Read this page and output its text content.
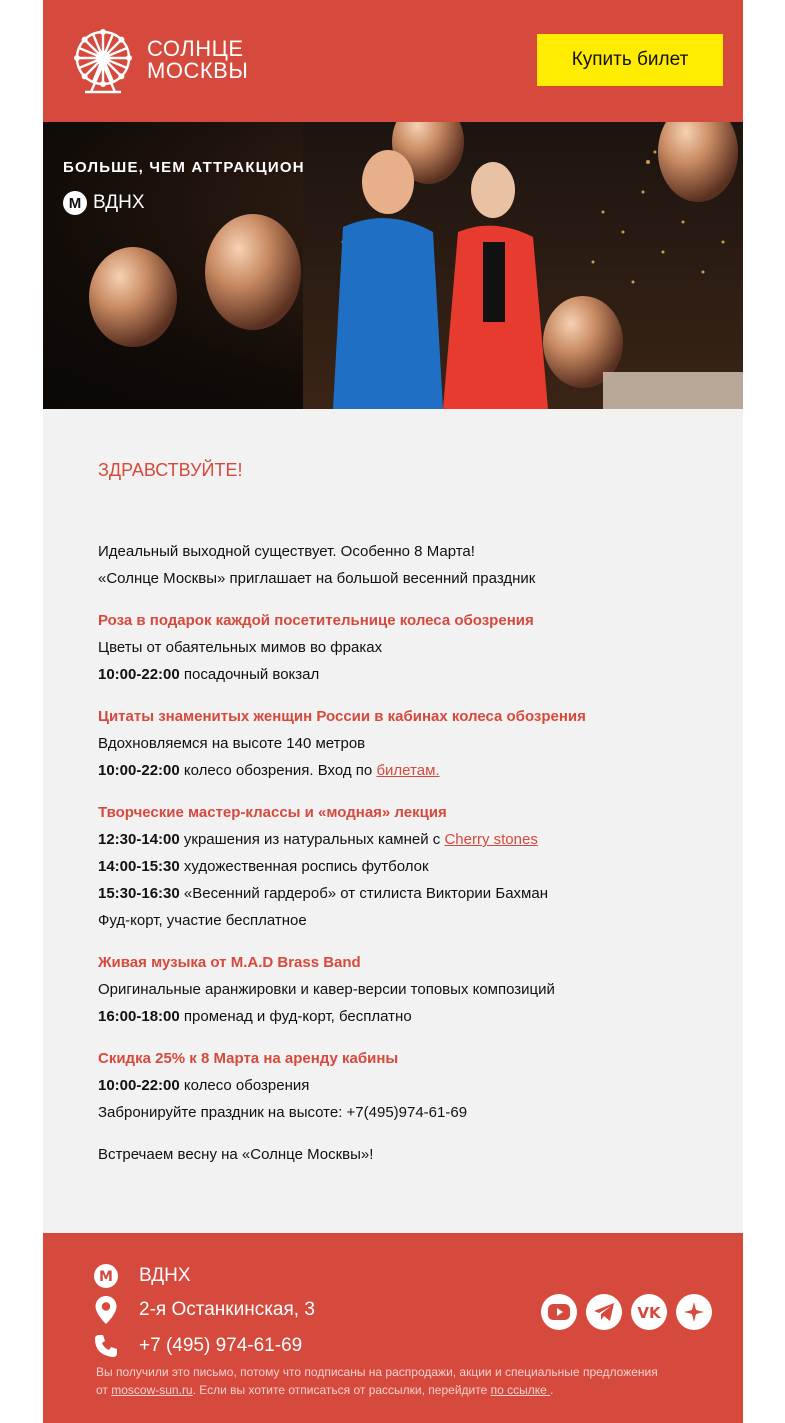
СОЛНЦЕ
МОСКВЫ	Купить билет
БОЛЬШЕ, ЧЕМ АТТРАКЦИОН
М ВДНХ
ЗДРАВСТВУЙТЕ!
Идеальный выходной существует. Особенно 8 Марта!
«Солнце Москвы» приглашает на большой весенний праздник
Роза в подарок каждой посетительнице колеса обозрения
Цветы от обаятельных мимов во фраках
10:00-22:00 посадочный вокзал
Цитаты знаменитых женщин России в кабинах колеса обозрения
Вдохновляемся на высоте 140 метров
10:00-22:00 колесо обозрения. Вход по билетам.
Творческие мастер-классы и «модная» лекция
12:30-14:00 украшения из натуральных камней с Cherry stones
14:00-15:30 художественная роспись футболок
15:30-16:30 «Весенний гардероб» от стилиста Виктории Бахман
Фуд-корт, участие бесплатное
Живая музыка от M.A.D Brass Band
Оригинальные аранжировки и кавер-версии топовых композиций
16:00-18:00 променад и фуд-корт, бесплатно
Скидка 25% к 8 Марта на аренду кабины
10:00-22:00 колесо обозрения
Забронируйте праздник на высоте: +7(495)974-61-69
Встречаем весну на «Солнце Москвы»!
М ВДНХ
2-я Останкинская, 3
+7 (495) 974-61-69
VK
Вы получили это письмо, потому что подписаны на распродажи, акции и специальные предложения
от moscow-sun.ru. Если вы хотите отписаться от рассылки, перейдите по ссылке .
